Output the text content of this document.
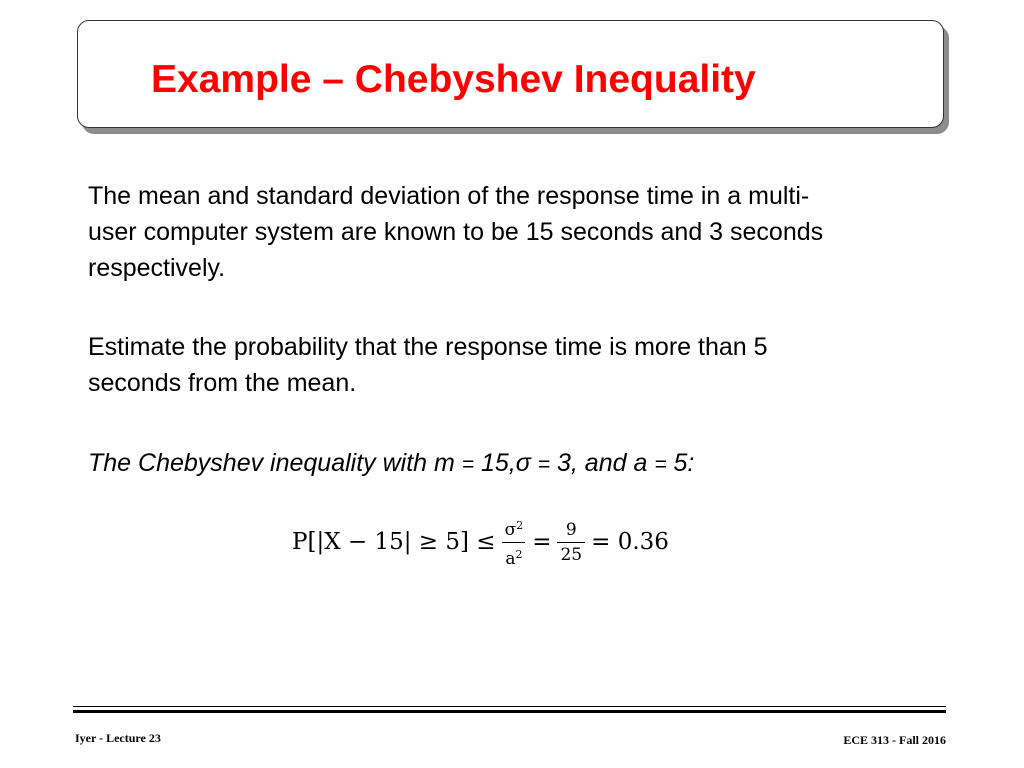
Example – Chebyshev Inequality

The mean and standard deviation of the response time in a multi-
user computer system are known to be 15 seconds and 3 seconds
respectively.

Estimate the probability that the response time is more than 5
seconds from the mean.

The Chebyshev inequality with m = 15,σ = 3, and a = 5:

$P[|X - 15| \ge 5] \le \frac{\sigma^2}{a^2} = \frac{9}{25} = 0.36$
Iyer - Lecture 23	ECE 313 - Fall 2016
